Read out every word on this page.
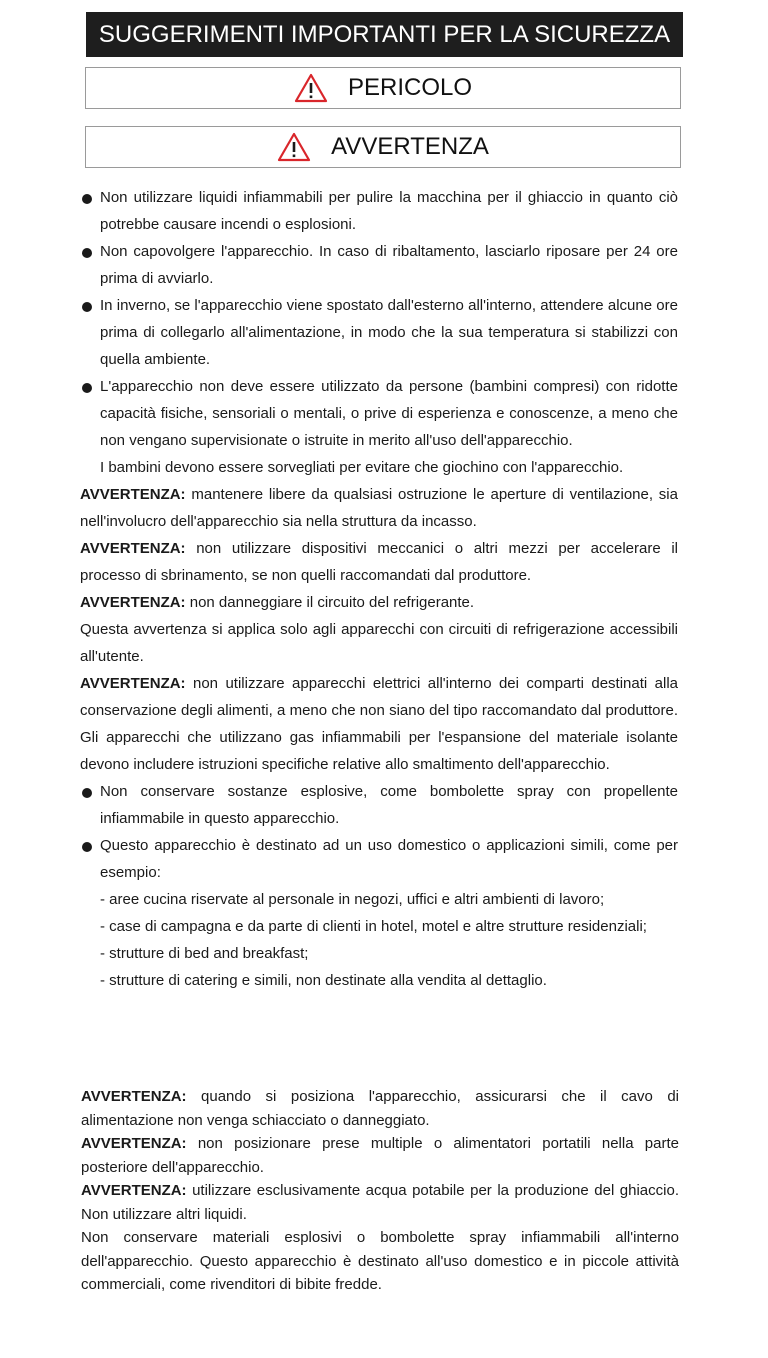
SUGGERIMENTI IMPORTANTI PER LA SICUREZZA
PERICOLO
AVVERTENZA

Non utilizzare liquidi infiammabili per pulire la macchina per il ghiaccio in quanto ciò potrebbe causare incendi o esplosioni.

Non capovolgere l'apparecchio. In caso di ribaltamento, lasciarlo riposare per 24 ore prima di avviarlo.

In inverno, se l'apparecchio viene spostato dall'esterno all'interno, attendere alcune ore prima di collegarlo all'alimentazione, in modo che la sua temperatura si stabilizzi con quella ambiente.

L'apparecchio non deve essere utilizzato da persone (bambini compresi) con ridotte capacità fisiche, sensoriali o mentali, o prive di esperienza e conoscenze, a meno che non vengano supervisionate o istruite in merito all'uso dell'apparecchio.

I bambini devono essere sorvegliati per evitare che giochino con l'apparecchio.

AVVERTENZA: mantenere libere da qualsiasi ostruzione le aperture di ventilazione, sia nell'involucro dell'apparecchio sia nella struttura da incasso.

AVVERTENZA: non utilizzare dispositivi meccanici o altri mezzi per accelerare il processo di sbrinamento, se non quelli raccomandati dal produttore.

AVVERTENZA: non danneggiare il circuito del refrigerante.

Questa avvertenza si applica solo agli apparecchi con circuiti di refrigerazione accessibili all'utente.

AVVERTENZA: non utilizzare apparecchi elettrici all'interno dei comparti destinati alla conservazione degli alimenti, a meno che non siano del tipo raccomandato dal produttore. Gli apparecchi che utilizzano gas infiammabili per l'espansione del materiale isolante devono includere istruzioni specifiche relative allo smaltimento dell'apparecchio.

Non conservare sostanze esplosive, come bombolette spray con propellente infiammabile in questo apparecchio.

Questo apparecchio è destinato ad un uso domestico o applicazioni simili, come per esempio:

- aree cucina riservate al personale in negozi, uffici e altri ambienti di lavoro;

- case di campagna e da parte di clienti in hotel, motel e altre strutture residenziali;

- strutture di bed and breakfast;

- strutture di catering e simili, non destinate alla vendita al dettaglio.

AVVERTENZA: quando si posiziona l'apparecchio, assicurarsi che il cavo di alimentazione non venga schiacciato o danneggiato.

AVVERTENZA: non posizionare prese multiple o alimentatori portatili nella parte posteriore dell'apparecchio.

AVVERTENZA: utilizzare esclusivamente acqua potabile per la produzione del ghiaccio. Non utilizzare altri liquidi.

Non conservare materiali esplosivi o bombolette spray infiammabili all'interno dell'apparecchio. Questo apparecchio è destinato all'uso domestico e in piccole attività commerciali, come rivenditori di bibite fredde.
